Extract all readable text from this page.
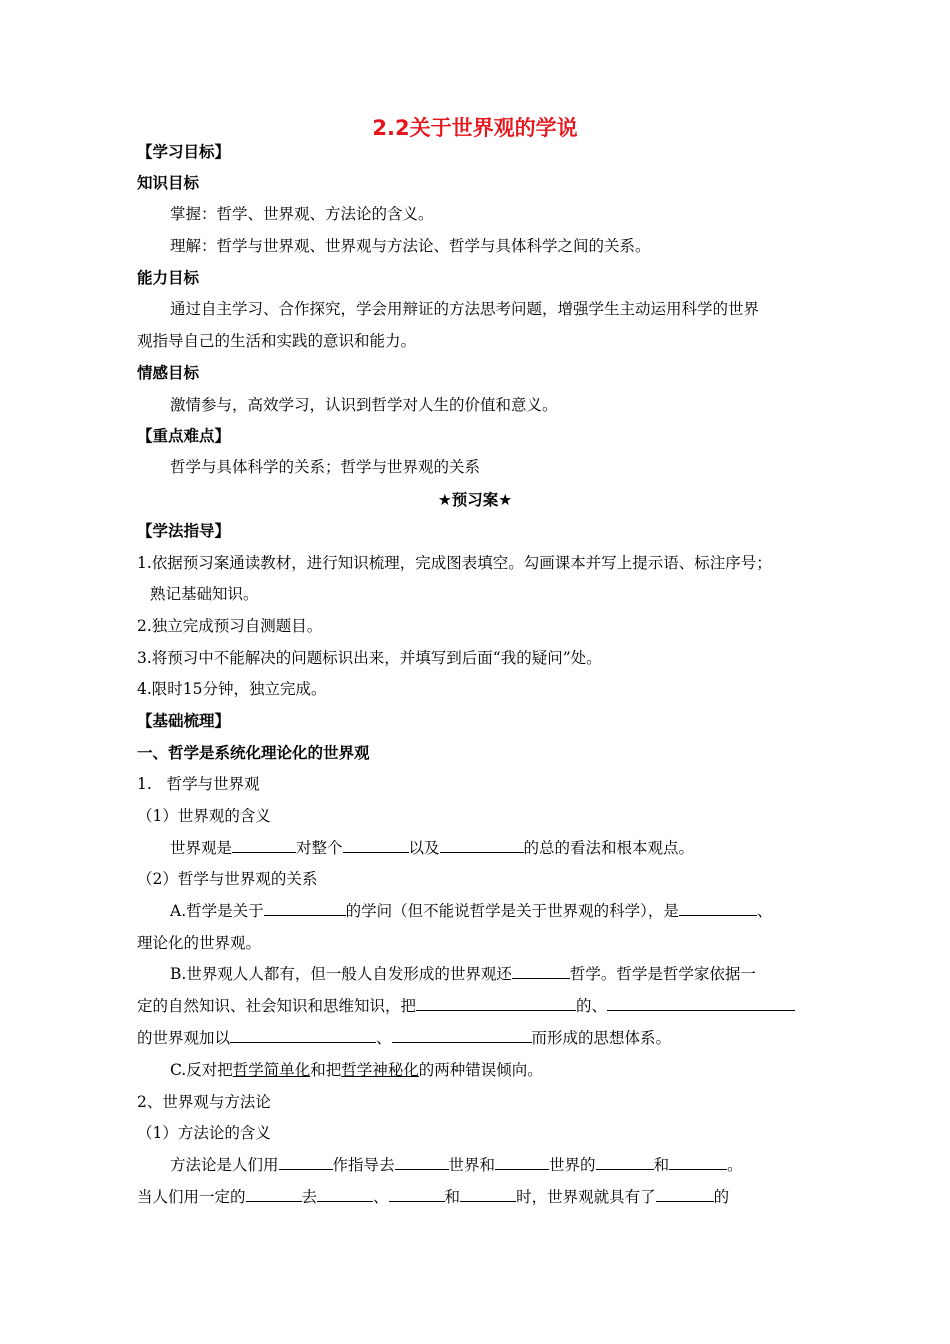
2.2关于世界观的学说
【学习目标】
知识目标
掌握：哲学、世界观、方法论的含义。
理解：哲学与世界观、世界观与方法论、哲学与具体科学之间的关系。
能力目标
通过自主学习、合作探究，学会用辩证的方法思考问题，增强学生主动运用科学的世界
观指导自己的生活和实践的意识和能力。
情感目标
激情参与，高效学习，认识到哲学对人生的价值和意义。
【重点难点】
哲学与具体科学的关系；哲学与世界观的关系
★预习案★
【学法指导】
1.依据预习案通读教材，进行知识梳理，完成图表填空。勾画课本并写上提示语、标注序号；
熟记基础知识。
2.独立完成预习自测题目。
3.将预习中不能解决的问题标识出来，并填写到后面“我的疑问”处。
4.限时15分钟，独立完成。
【基础梳理】
一、哲学是系统化理论化的世界观
1.   哲学与世界观
（1）世界观的含义
世界观是	对整个	以及	的总的看法和根本观点。
（2）哲学与世界观的关系
A.哲学是关于	的学问（但不能说哲学是关于世界观的科学），是	、
理论化的世界观。
B.世界观人人都有，但一般人自发形成的世界观还	哲学。哲学是哲学家依据一
定的自然知识、社会知识和思维知识，把	的、
的世界观加以	、	而形成的思想体系。
C.反对把哲学简单化和把哲学神秘化的两种错误倾向。
2、世界观与方法论
（1）方法论的含义
方法论是人们用	作指导去	世界和	世界的	和	。
当人们用一定的	去	、	和	时，世界观就具有了	的
